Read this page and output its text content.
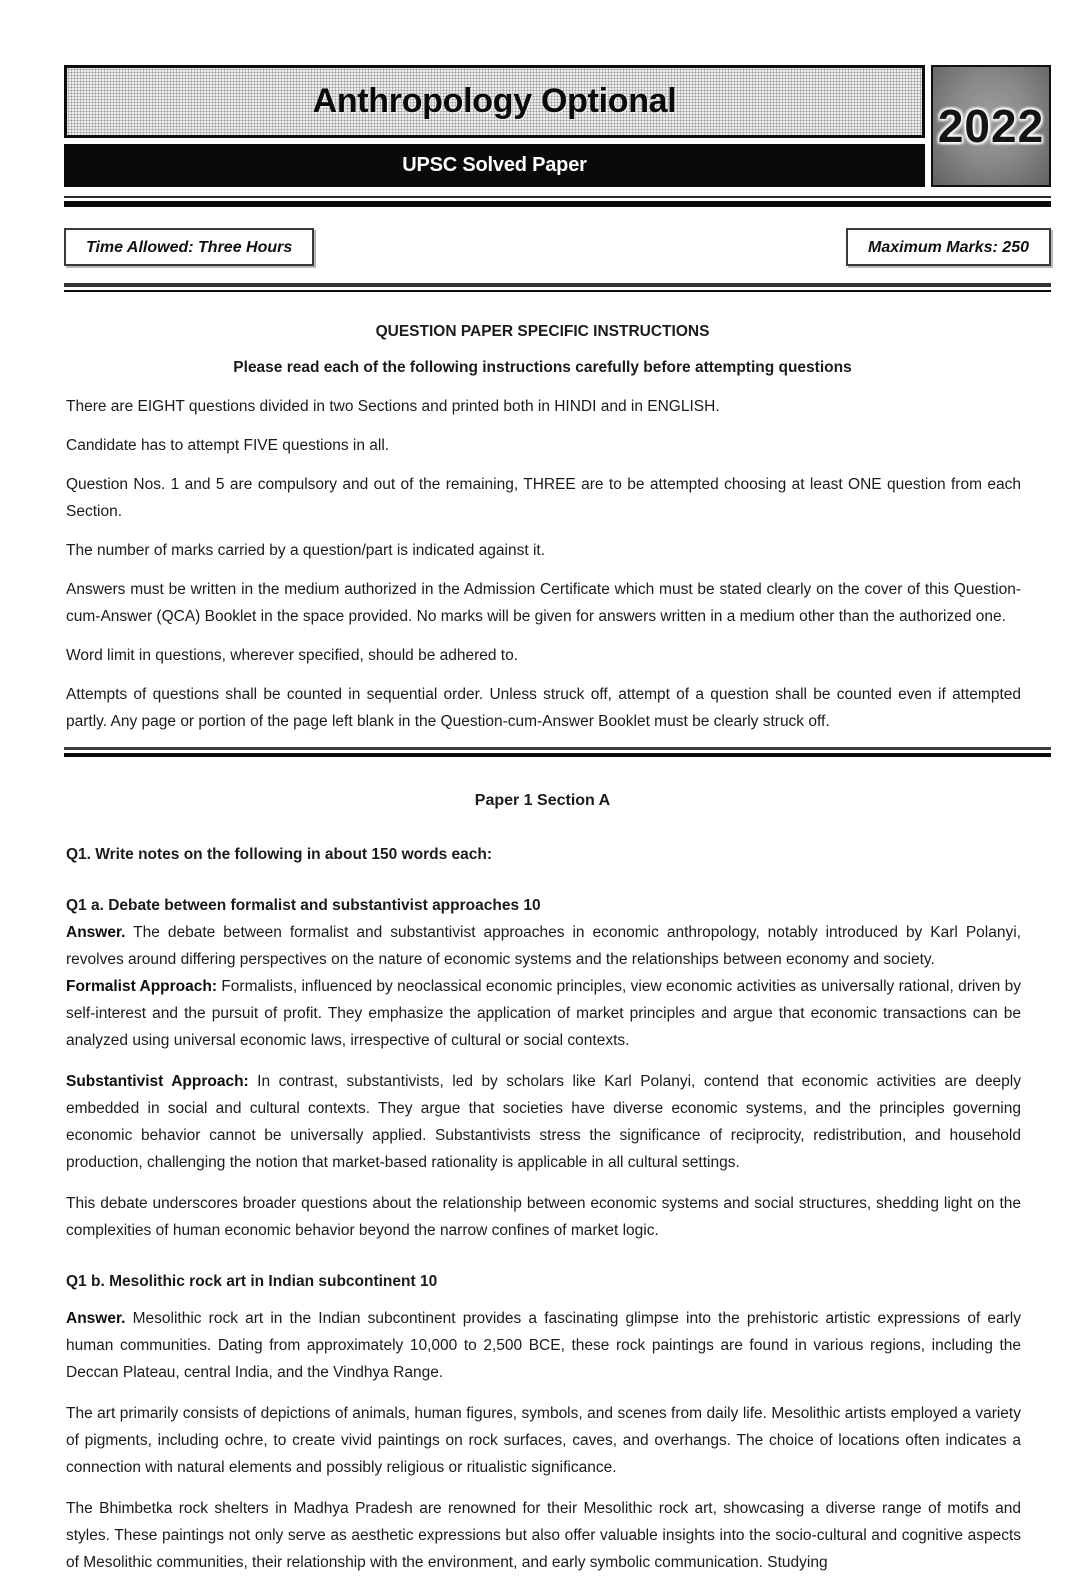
Anthropology Optional
UPSC Solved Paper
2022
Time Allowed: Three Hours	Maximum Marks: 250
QUESTION PAPER SPECIFIC INSTRUCTIONS
Please read each of the following instructions carefully before attempting questions

There are EIGHT questions divided in two Sections and printed both in HINDI and in ENGLISH.

Candidate has to attempt FIVE questions in all.

Question Nos. 1 and 5 are compulsory and out of the remaining, THREE are to be attempted choosing at least ONE question from each Section.

The number of marks carried by a question/part is indicated against it.

Answers must be written in the medium authorized in the Admission Certificate which must be stated clearly on the cover of this Question-cum-Answer (QCA) Booklet in the space provided. No marks will be given for answers written in a medium other than the authorized one.

Word limit in questions, wherever specified, should be adhered to.

Attempts of questions shall be counted in sequential order. Unless struck off, attempt of a question shall be counted even if attempted partly. Any page or portion of the page left blank in the Question-cum-Answer Booklet must be clearly struck off.

Paper 1 Section A

Q1. Write notes on the following in about 150 words each:

Q1 a. Debate between formalist and substantivist approaches 10

Answer. The debate between formalist and substantivist approaches in economic anthropology, notably introduced by Karl Polanyi, revolves around differing perspectives on the nature of economic systems and the relationships between economy and society.

Formalist Approach: Formalists, influenced by neoclassical economic principles, view economic activities as universally rational, driven by self-interest and the pursuit of profit. They emphasize the application of market principles and argue that economic transactions can be analyzed using universal economic laws, irrespective of cultural or social contexts.

Substantivist Approach: In contrast, substantivists, led by scholars like Karl Polanyi, contend that economic activities are deeply embedded in social and cultural contexts. They argue that societies have diverse economic systems, and the principles governing economic behavior cannot be universally applied. Substantivists stress the significance of reciprocity, redistribution, and household production, challenging the notion that market-based rationality is applicable in all cultural settings.

This debate underscores broader questions about the relationship between economic systems and social structures, shedding light on the complexities of human economic behavior beyond the narrow confines of market logic.

Q1 b. Mesolithic rock art in Indian subcontinent 10

Answer. Mesolithic rock art in the Indian subcontinent provides a fascinating glimpse into the prehistoric artistic expressions of early human communities. Dating from approximately 10,000 to 2,500 BCE, these rock paintings are found in various regions, including the Deccan Plateau, central India, and the Vindhya Range.

The art primarily consists of depictions of animals, human figures, symbols, and scenes from daily life. Mesolithic artists employed a variety of pigments, including ochre, to create vivid paintings on rock surfaces, caves, and overhangs. The choice of locations often indicates a connection with natural elements and possibly religious or ritualistic significance.

The Bhimbetka rock shelters in Madhya Pradesh are renowned for their Mesolithic rock art, showcasing a diverse range of motifs and styles. These paintings not only serve as aesthetic expressions but also offer valuable insights into the socio-cultural and cognitive aspects of Mesolithic communities, their relationship with the environment, and early symbolic communication. Studying
